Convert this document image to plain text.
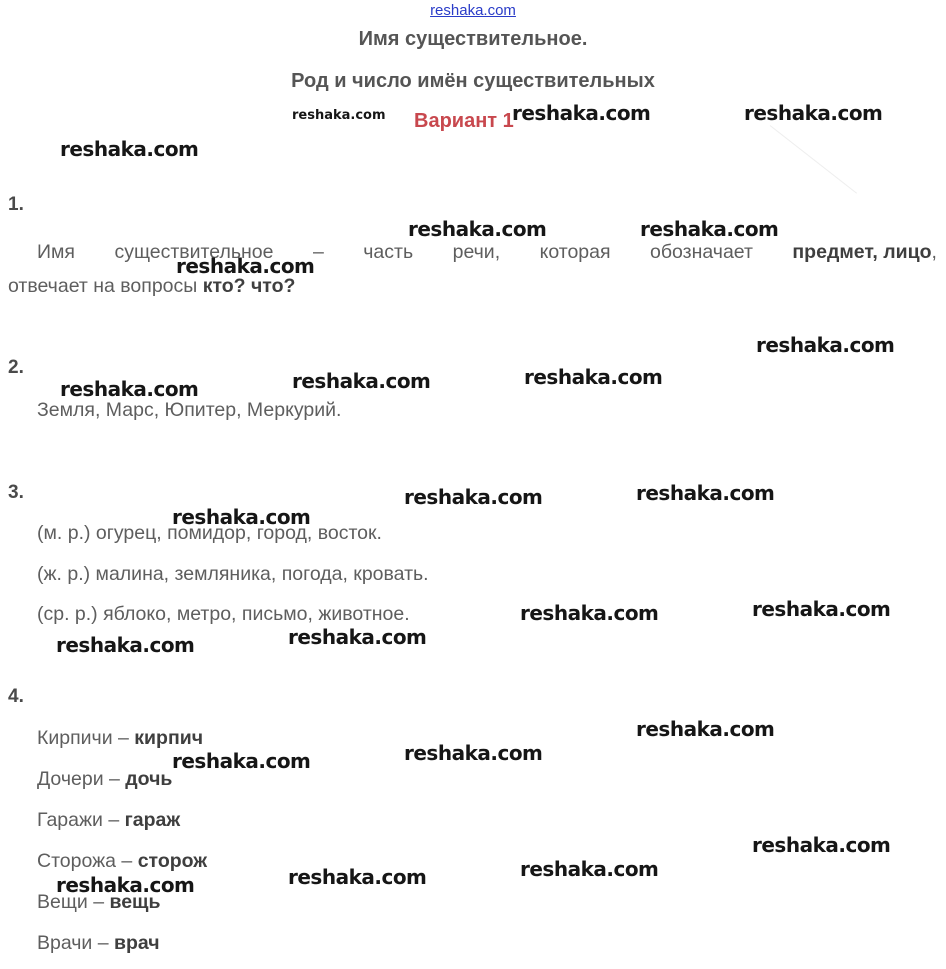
reshaka.com
Имя существительное.
Род и число имён существительных
Вариант 1
1.
Имя существительное – часть речи, которая обозначает предмет, лицо,
отвечает на вопросы кто? что?
2.
Земля, Марс, Юпитер, Меркурий.
3.
(м. р.) огурец, помидор, город, восток.
(ж. р.) малина, земляника, погода, кровать.
(ср. р.) яблоко, метро, письмо, животное.
4.
Кирпичи – кирпич
Дочери – дочь
Гаражи – гараж
Сторожа – сторож
Вещи – вещь
Врачи – врач
reshaka.com	reshaka.com	reshaka.com
reshaka.com
reshaka.com	reshaka.com
reshaka.com
reshaka.com
reshaka.com
reshaka.com
reshaka.com
reshaka.com
reshaka.com
reshaka.com
reshaka.com
reshaka.com
reshaka.com
reshaka.com
reshaka.com
reshaka.com
reshaka.com
reshaka.com
reshaka.com
reshaka.com
reshaka.com
